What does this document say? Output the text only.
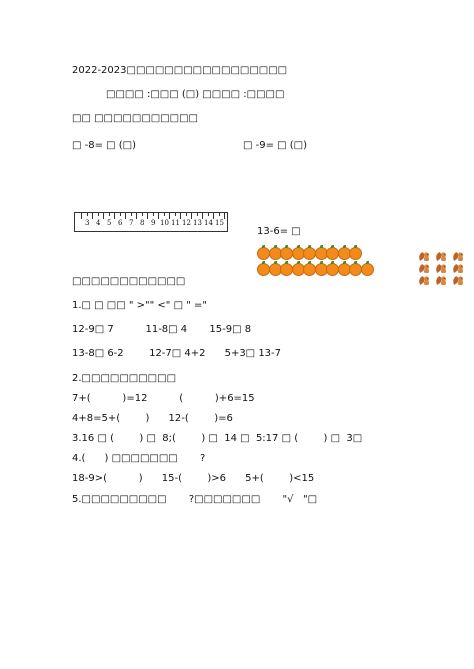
2022-2023□□□□□□□□□□□□□□□□□
□□□□ :□□□ (□) □□□□ :□□□□
□□ □□□□□□□□□□□
□ -8= □ (□)	□ -9= □ (□)
3 4 5 6 7 8 9 10 11 12 13 14 15
13-6= □
□□□□□□□□□□□□
1.□ □ □□ " >"" <" □ " ="
12-9□ 7          11-8□ 4       15-9□ 8
13-8□ 6-2        12-7□ 4+2      5+3□ 13-7
2.□□□□□□□□□□
7+(          )=12          (          )+6=15
4+8=5+(        )      12-(        )=6
3.16 □ (        ) □  8;(        ) □  14 □  5:17 □ (        ) □  3□
4.(      ) □□□□□□□       ?
18-9>(          )      15-(        )>6      5+(        )<15
5.□□□□□□□□□       ?□□□□□□□       "√   "□
